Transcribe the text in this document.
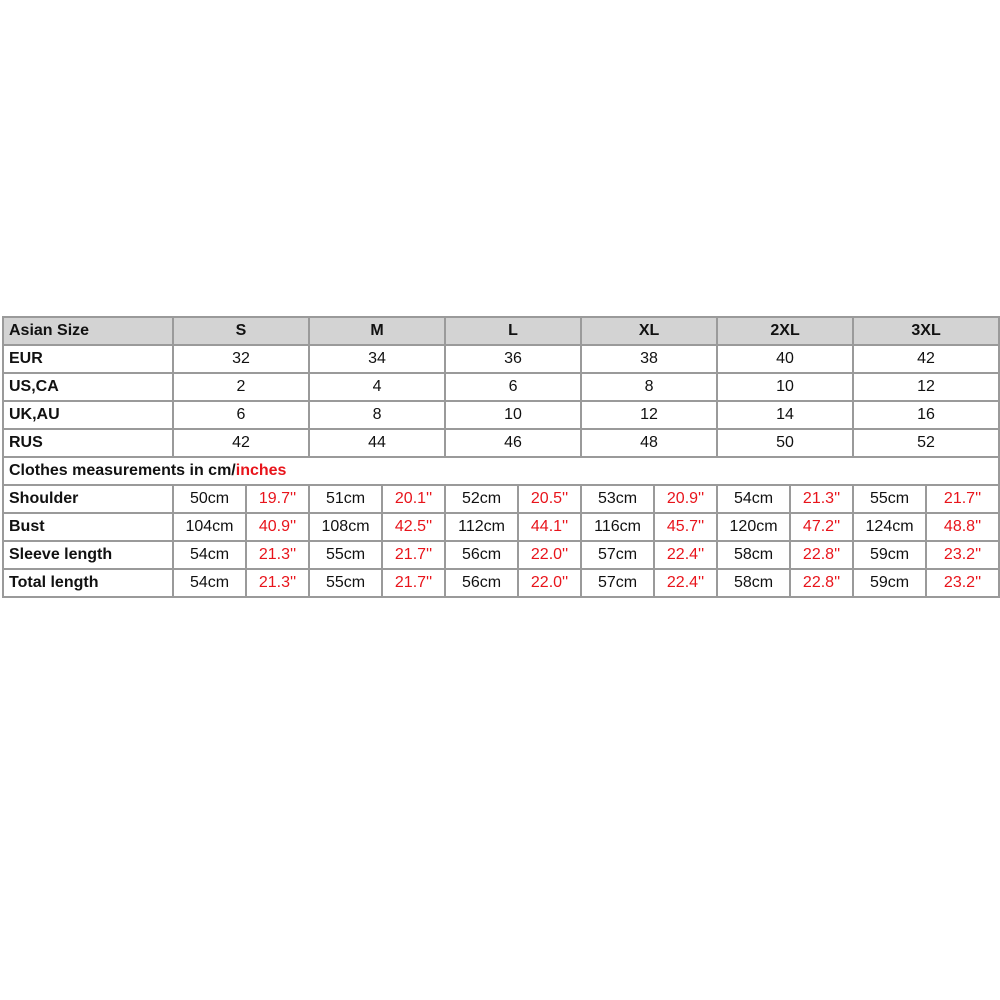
Asian Size	S		M		L		XL		2XL		3XL	
EUR	32		34		36		38		40		42	
US,CA	2		4		6		8		10		12	
UK,AU	6		8		10		12		14		16	
RUS	42		44		46		48		50		52	
Clothes measurements in cm/inches												
Shoulder	50cm	19.7''	51cm	20.1''	52cm	20.5''	53cm	20.9''	54cm	21.3''	55cm	21.7''
Bust	104cm	40.9''	108cm	42.5''	112cm	44.1''	116cm	45.7''	120cm	47.2''	124cm	48.8''
Sleeve length	54cm	21.3''	55cm	21.7''	56cm	22.0''	57cm	22.4''	58cm	22.8''	59cm	23.2''
Total length	54cm	21.3''	55cm	21.7''	56cm	22.0''	57cm	22.4''	58cm	22.8''	59cm	23.2''
